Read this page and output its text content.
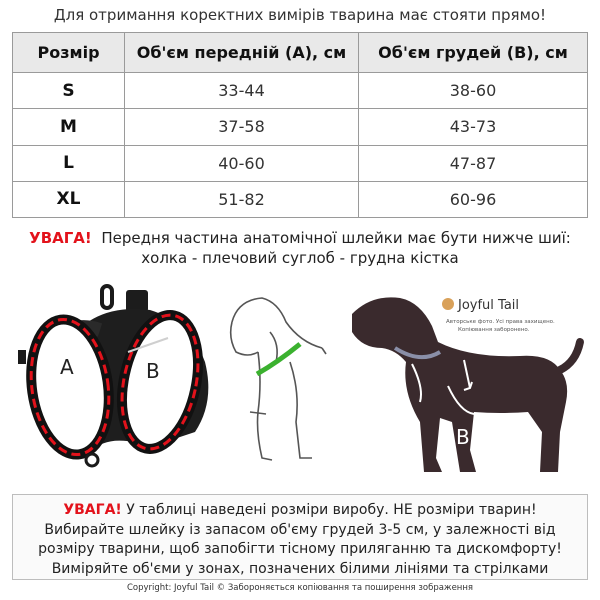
Для отримання коректних вимірів тварина має стояти прямо!
Розмір	Об'єм передній (А), см	Об'єм грудей (В), см
S	33-44	38-60
M	37-58	43-73
L	40-60	47-87
XL	51-82	60-96
УВАГА! Передня частина анатомічної шлейки має бути нижче шиї:
холка - плечовий суглоб - грудна кістка
A	B	A
B
Joyful Tail
Авторське фото. Усі права захищено.
Копіювання заборонено.
УВАГА! У таблиці наведені розміри виробу. НЕ розміри тварин!
Вибирайте шлейку із запасом об'єму грудей 3-5 см, у залежності від
розміру тварини, щоб запобігти тісному приляганню та дискомфорту!
Виміряйте об'єми у зонах, позначених білими лініями та стрілками
Copyright: Joyful Tail © Забороняється копіювання та поширення зображення
